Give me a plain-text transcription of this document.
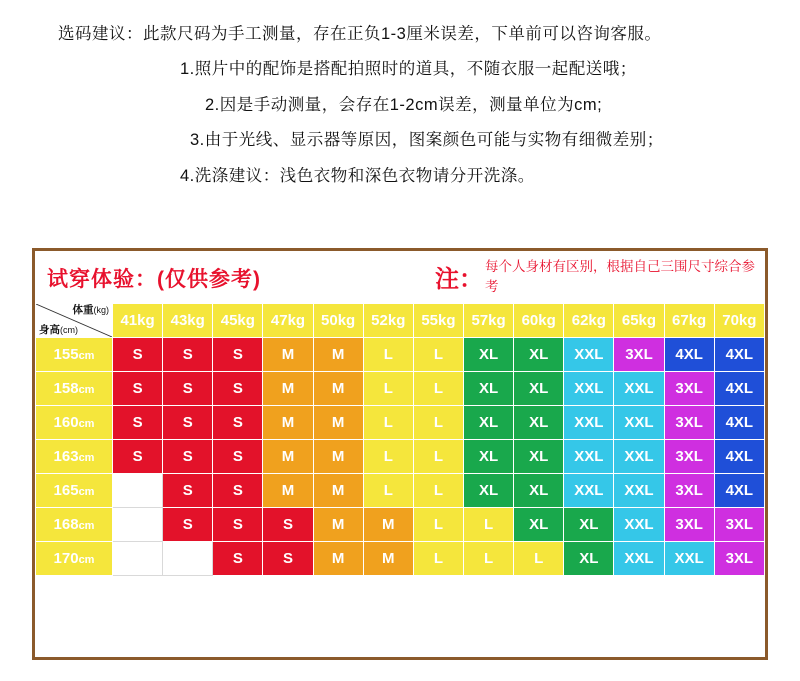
选码建议：此款尺码为手工测量，存在正负1-3厘米误差，下单前可以咨询客服。

1.照片中的配饰是搭配拍照时的道具，不随衣服一起配送哦；

2.因是手动测量，会存在1-2cm误差，测量单位为cm;

3.由于光线、显示器等原因，图案颜色可能与实物有细微差别；

4.洗涤建议：浅色衣物和深色衣物请分开洗涤。

试穿体验：(仅供参考)	注： 每个人身材有区别，根据自己三围尺寸综合参考
体重(kg)
身高(cm)	41kg	43kg	45kg	47kg	50kg	52kg	55kg	57kg	60kg	62kg	65kg	67kg	70kg
155cm	S	S	S	M	M	L	L	XL	XL	XXL	3XL	4XL	4XL
158cm	S	S	S	M	M	L	L	XL	XL	XXL	XXL	3XL	4XL
160cm	S	S	S	M	M	L	L	XL	XL	XXL	XXL	3XL	4XL
163cm	S	S	S	M	M	L	L	XL	XL	XXL	XXL	3XL	4XL
165cm		S	S	M	M	L	L	XL	XL	XXL	XXL	3XL	4XL
168cm		S	S	S	M	M	L	L	XL	XL	XXL	3XL	3XL
170cm			S	S	M	M	L	L	L	XL	XXL	XXL	3XL
